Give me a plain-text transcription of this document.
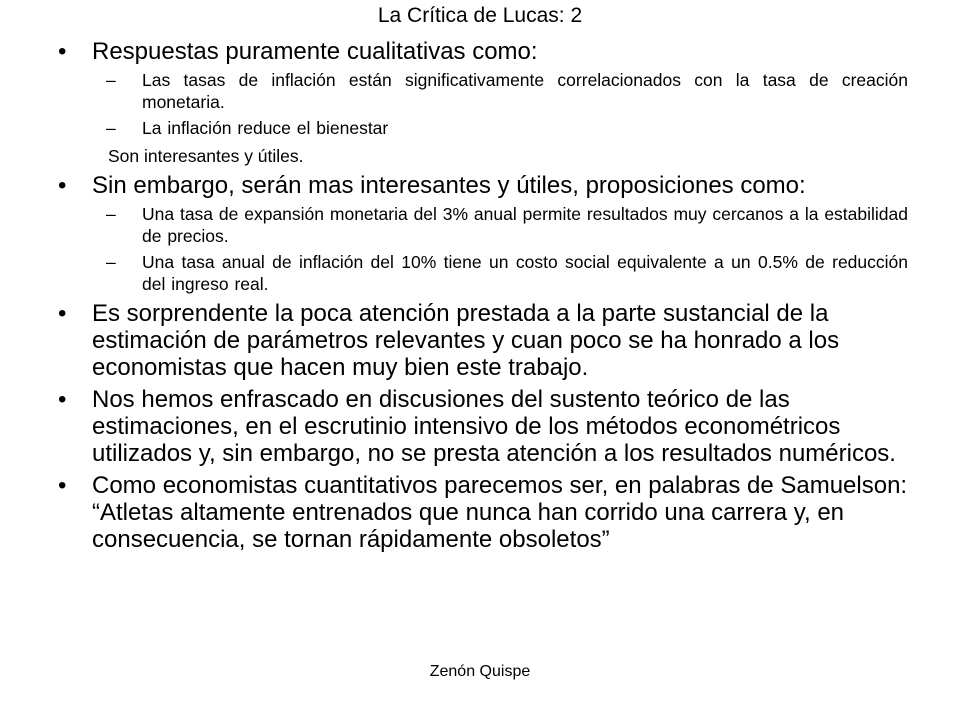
La Crítica de Lucas: 2
• Respuestas puramente cualitativas como:
– Las tasas de inflación están significativamente correlacionados con la tasa de creación monetaria.
– La inflación reduce el bienestar
Son interesantes y útiles.
• Sin embargo, serán mas interesantes y útiles, proposiciones como:
– Una tasa de expansión monetaria del 3% anual permite resultados muy cercanos a la estabilidad de precios.
– Una tasa anual de inflación del 10% tiene un costo social equivalente a un 0.5% de reducción del ingreso real.
• Es sorprendente la poca atención prestada a la parte sustancial de la estimación de parámetros relevantes y cuan poco se ha honrado a los economistas que hacen muy bien este trabajo.
• Nos hemos enfrascado en discusiones del sustento teórico de las estimaciones, en el escrutinio intensivo de los métodos econométricos utilizados y, sin embargo, no se presta atención a los resultados numéricos.
• Como economistas cuantitativos parecemos ser, en palabras de Samuelson: “Atletas altamente entrenados que nunca han corrido una carrera y, en consecuencia, se tornan rápidamente obsoletos”
Zenón Quispe
